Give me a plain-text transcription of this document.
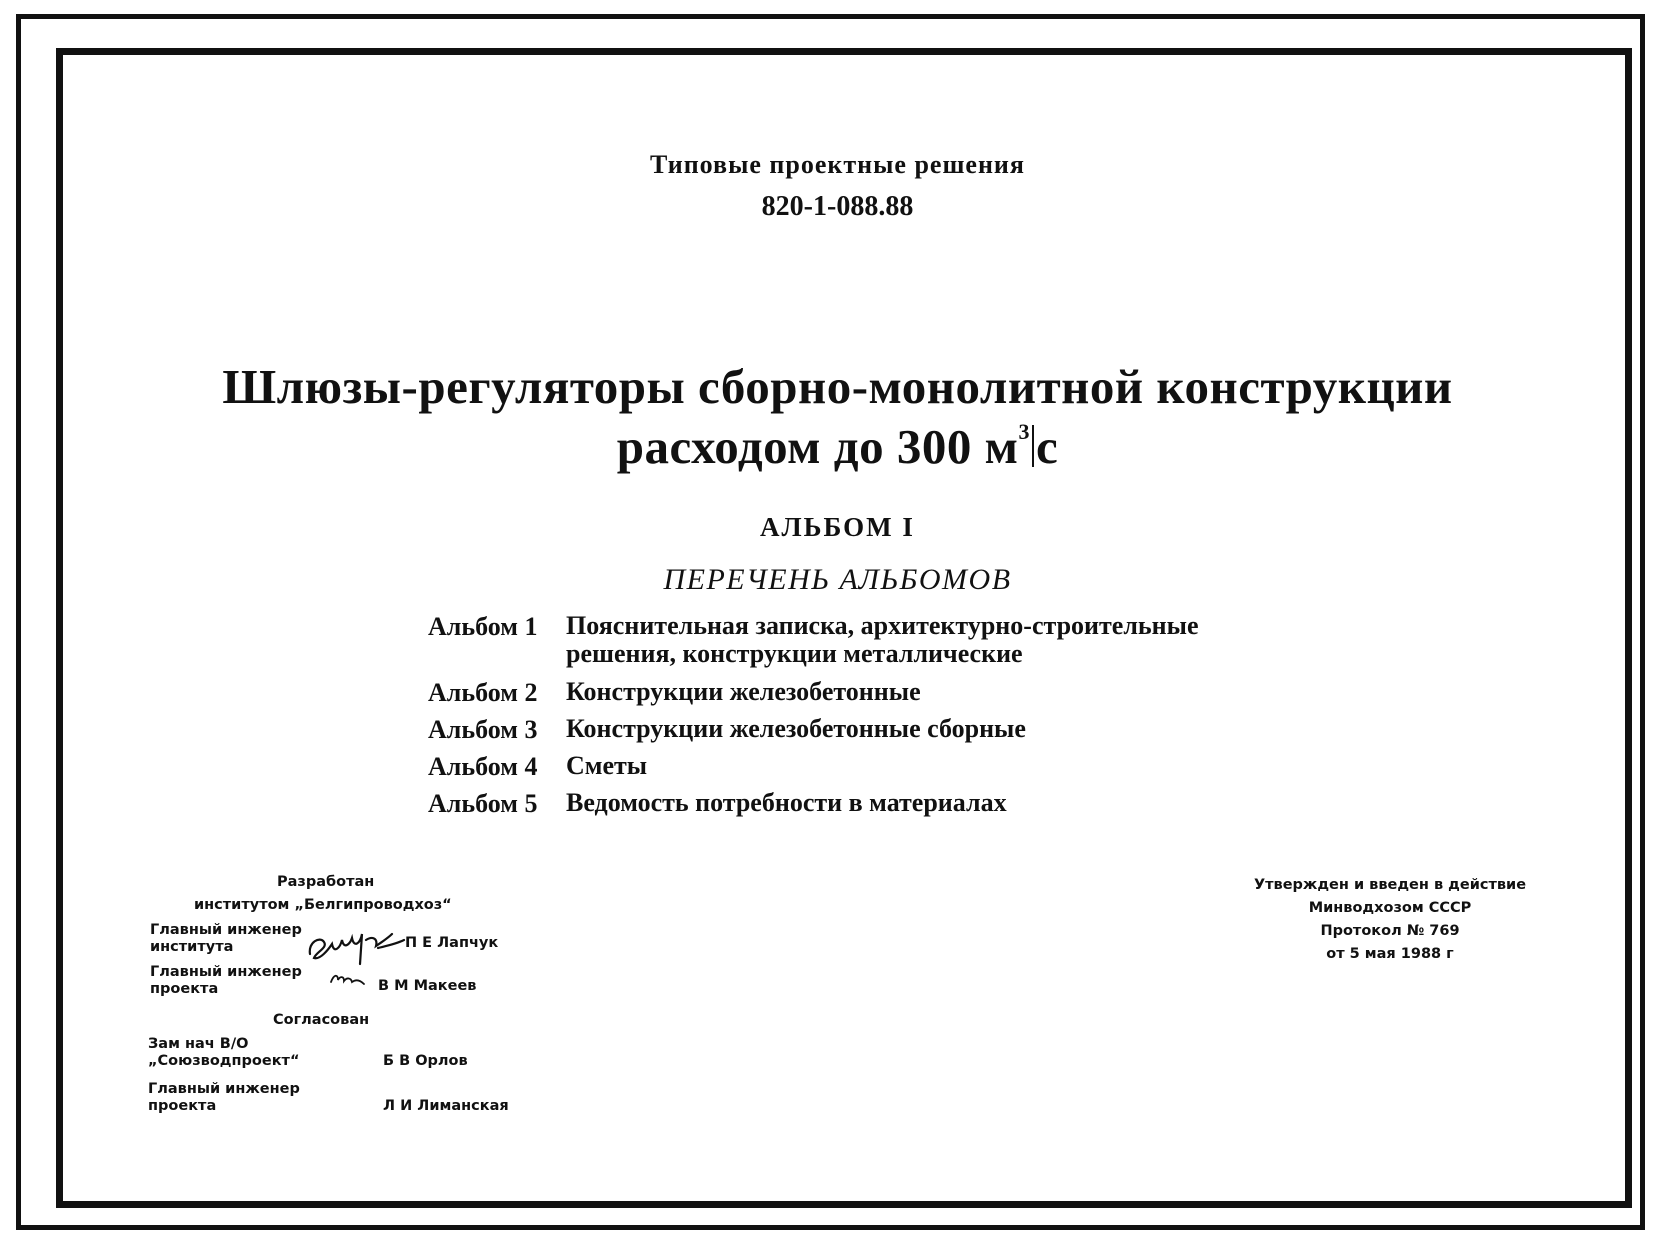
Типовые проектные решения
820-1-088.88
Шлюзы-регуляторы сборно-монолитной конструкции
расходом до 300 $м^3$ с
АЛЬБОМ I
ПЕРЕЧЕНЬ АЛЬБОМОВ
Альбом 1 Пояснительная записка, архитектурно-строительные
решения, конструкции металлические
Альбом 2 Конструкции железобетонные
Альбом 3 Конструкции железобетонные сборные
Альбом 4 Сметы
Альбом 5 Ведомость потребности в материалах
Разработан
институтом „Белгипроводхоз“
Главный инженер
института	П Е Лапчук
Главный инженер
проекта	В М Макеев
Согласован
Зам нач В/О
„Союзводпроект“	Б В Орлов
Главный инженер
проекта	Л И Лиманская
Утвержден и введен в действие
Минводхозом СССР
Протокол № 769
от 5 мая 1988 г
